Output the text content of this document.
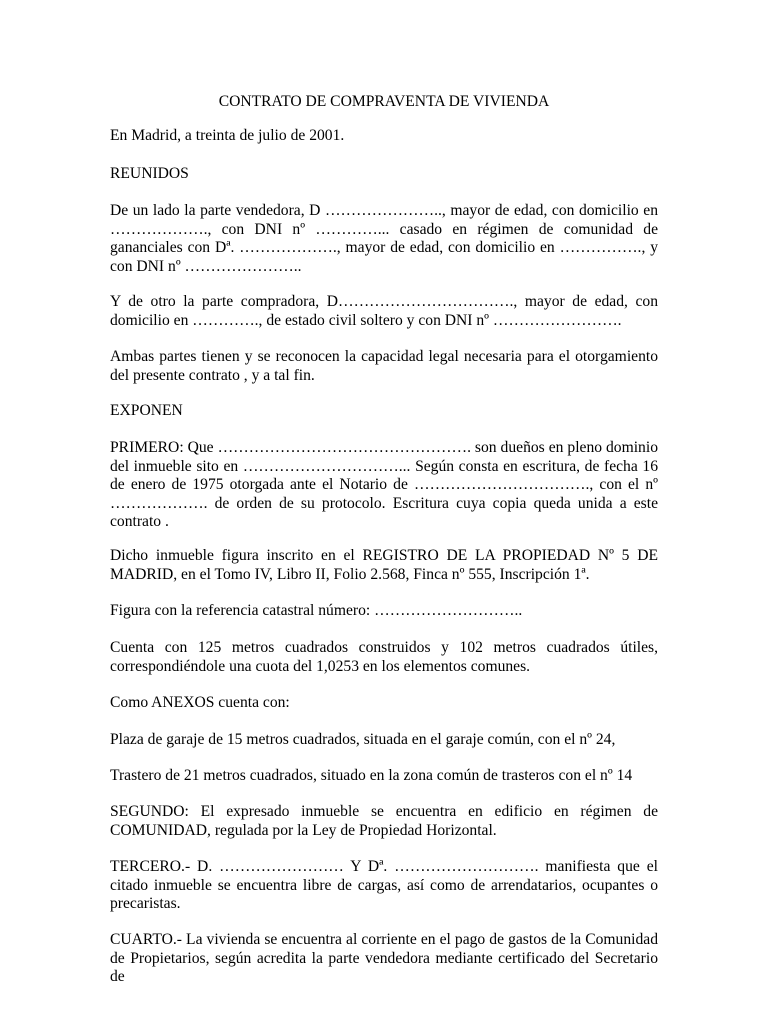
CONTRATO DE COMPRAVENTA DE VIVIENDA

En Madrid, a treinta de julio de 2001.

REUNIDOS

De un lado la parte vendedora, D ………………….., mayor de edad, con domicilio en ………………., con DNI nº …………... casado en régimen de comunidad de gananciales con Dª. ………………., mayor de edad, con domicilio en ……………., y con DNI nº …………………..

Y de otro la parte compradora, D……………………………., mayor de edad, con domicilio en …………., de estado civil soltero y con DNI nº …………………….

Ambas partes tienen y se reconocen la capacidad legal necesaria para el otorgamiento del presente contrato , y a tal fin.

EXPONEN

PRIMERO: Que …………………………………………. son dueños en pleno dominio del inmueble sito en …………………………... Según consta en escritura, de fecha 16 de enero de 1975 otorgada ante el Notario de ……………………………., con el nº ………………. de orden de su protocolo. Escritura cuya copia queda unida a este contrato .

Dicho inmueble figura inscrito en el REGISTRO DE LA PROPIEDAD Nº 5 DE MADRID, en el Tomo IV, Libro II, Folio 2.568, Finca nº 555, Inscripción 1ª.

Figura con la referencia catastral número: ………………………..

Cuenta con 125 metros cuadrados construidos y 102 metros cuadrados útiles, correspondiéndole una cuota del 1,0253 en los elementos comunes.

Como ANEXOS cuenta con:

Plaza de garaje de 15 metros cuadrados, situada en el garaje común, con el nº 24,

Trastero de 21 metros cuadrados, situado en la zona común de trasteros con el nº 14

SEGUNDO: El expresado inmueble se encuentra en edificio en régimen de COMUNIDAD, regulada por la Ley de Propiedad Horizontal.

TERCERO.- D. …………………… Y Dª. ………………………. manifiesta que el citado inmueble se encuentra libre de cargas, así como de arrendatarios, ocupantes o precaristas.

CUARTO.- La vivienda se encuentra al corriente en el pago de gastos de la Comunidad de Propietarios, según acredita la parte vendedora mediante certificado del Secretario de
